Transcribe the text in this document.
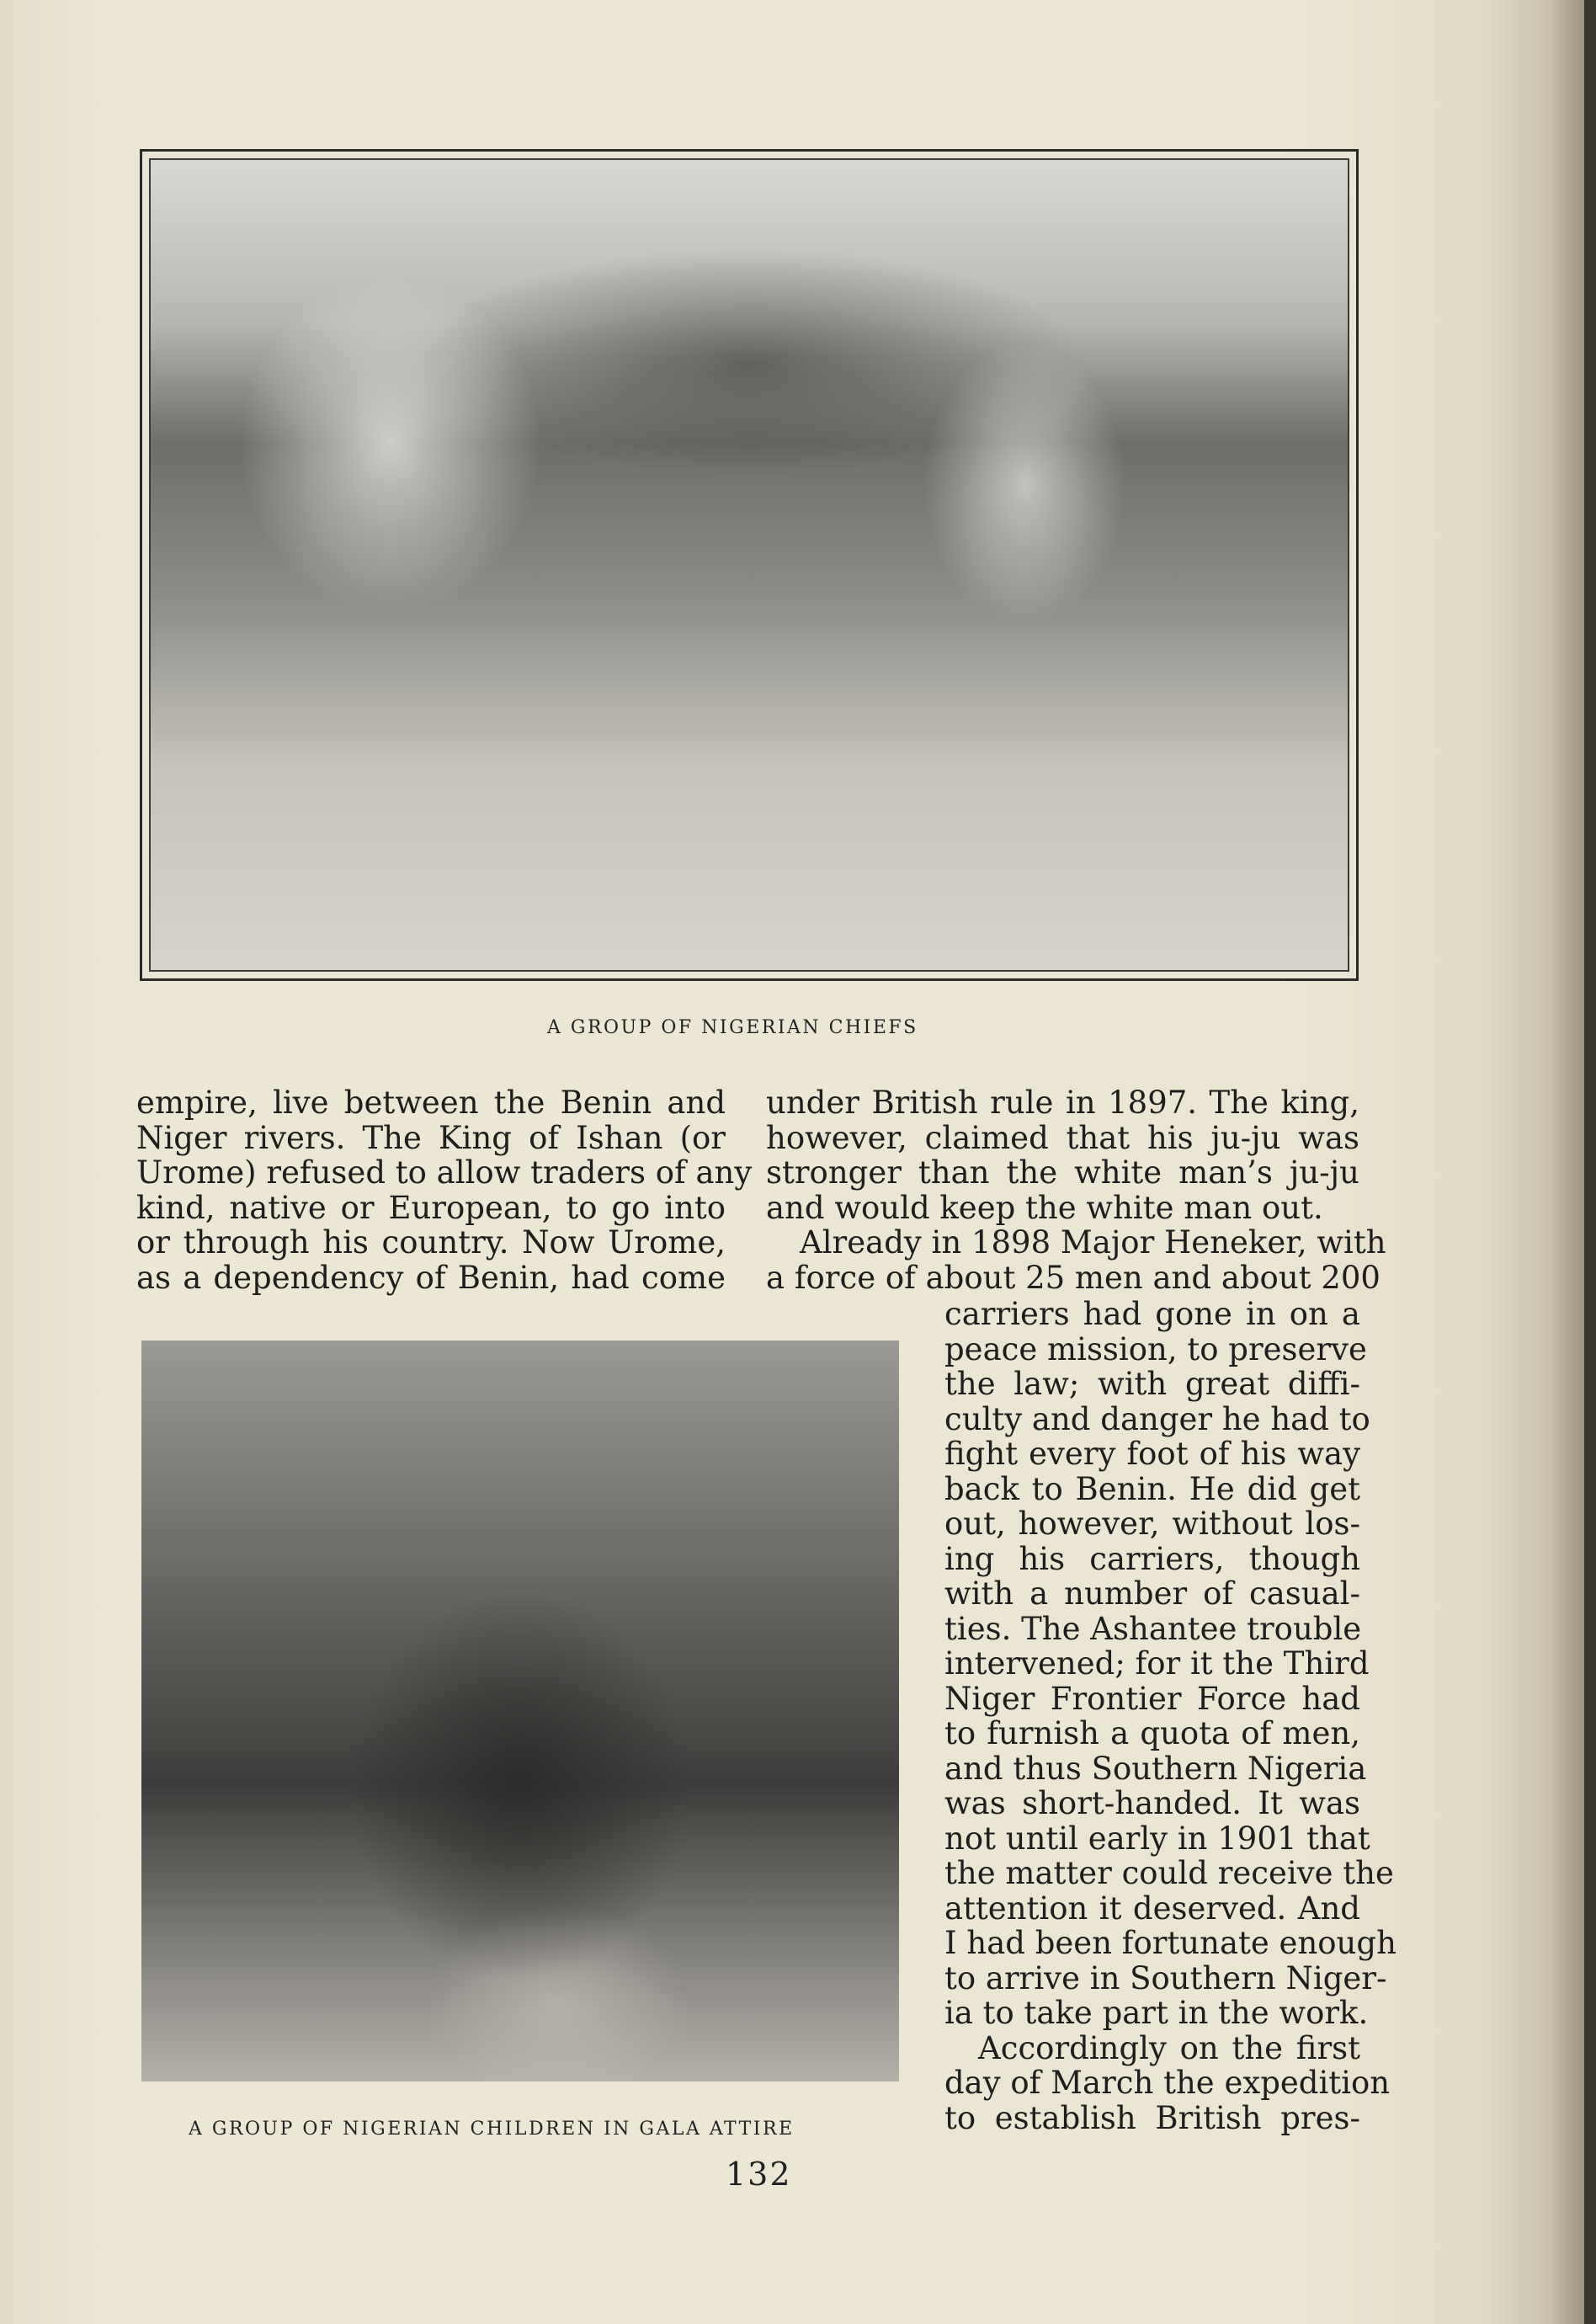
A GROUP OF NIGERIAN CHIEFS
empire, live between the Benin and
Niger rivers. The King of Ishan (or
Urome) refused to allow traders of any
kind, native or European, to go into
or through his country. Now Urome,
as a dependency of Benin, had come
under British rule in 1897. The king,
however, claimed that his ju-ju was
stronger than the white man’s ju-ju
and would keep the white man out.
Already in 1898 Major Heneker, with
a force of about 25 men and about 200
A GROUP OF NIGERIAN CHILDREN IN GALA ATTIRE
carriers had gone in on a
peace mission, to preserve
the law; with great diffi-
culty and danger he had to
fight every foot of his way
back to Benin. He did get
out, however, without los-
ing his carriers, though
with a number of casual-
ties. The Ashantee trouble
intervened; for it the Third
Niger Frontier Force had
to furnish a quota of men,
and thus Southern Nigeria
was short-handed. It was
not until early in 1901 that
the matter could receive the
attention it deserved. And
I had been fortunate enough
to arrive in Southern Niger-
ia to take part in the work.
Accordingly on the first
day of March the expedition
to establish British pres-
132
